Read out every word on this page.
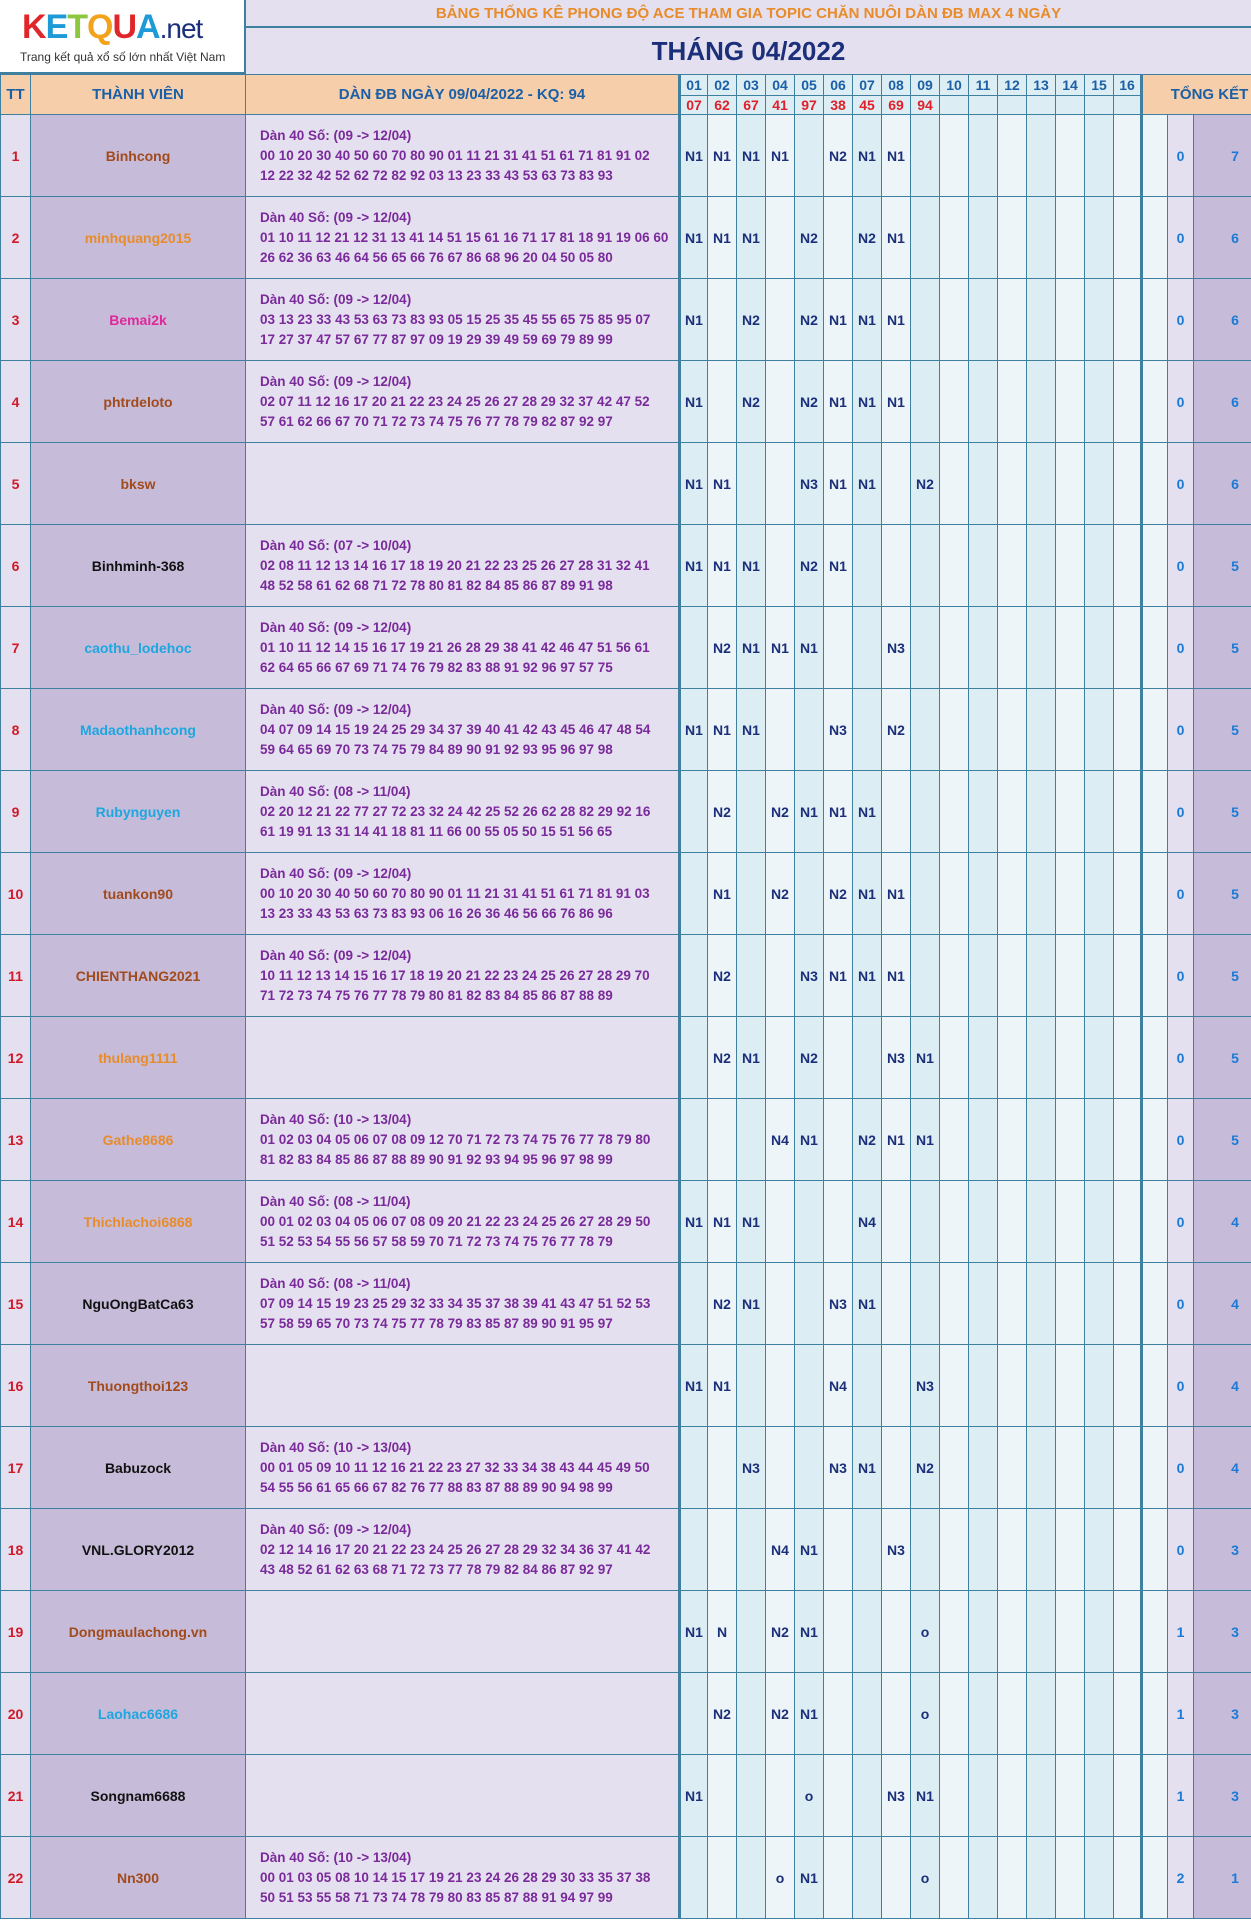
KETQUA.net
Trang kết quả xổ số lớn nhất Việt Nam
BẢNG THỐNG KÊ PHONG ĐỘ ACE THAM GIA TOPIC CHĂN NUÔI DÀN ĐB MAX 4 NGÀY
THÁNG 04/2022
TT	THÀNH VIÊN	DÀN ĐB NGÀY 09/04/2022 - KQ: 94	01	02	03	04	05	06	07	08	09	10	11	12	13	14	15	16	TỔNG KẾT		
			07	62	67	41	97	38	45	69	94										
1	Binhcong	Dàn 40 Số: (09 -> 12/04)
00 10 20 30 40 50 60 70 80 90 01 11 21 31 41 51 61 71 81 91 02
12 22 32 42 52 62 72 82 92 03 13 23 33 43 53 63 73 83 93	N1	N1	N1	N1		N2	N1	N1										0	7
2	minhquang2015	Dàn 40 Số: (09 -> 12/04)
01 10 11 12 21 12 31 13 41 14 51 15 61 16 71 17 81 18 91 19 06 60
26 62 36 63 46 64 56 65 66 76 67 86 68 96 20 04 50 05 80	N1	N1	N1		N2		N2	N1										0	6
3	Bemai2k	Dàn 40 Số: (09 -> 12/04)
03 13 23 33 43 53 63 73 83 93 05 15 25 35 45 55 65 75 85 95 07
17 27 37 47 57 67 77 87 97 09 19 29 39 49 59 69 79 89 99	N1		N2		N2	N1	N1	N1										0	6
4	phtrdeloto	Dàn 40 Số: (09 -> 12/04)
02 07 11 12 16 17 20 21 22 23 24 25 26 27 28 29 32 37 42 47 52
57 61 62 66 67 70 71 72 73 74 75 76 77 78 79 82 87 92 97	N1		N2		N2	N1	N1	N1										0	6
5	bksw		N1	N1			N3	N1	N1		N2									0	6
6	Binhminh-368	Dàn 40 Số: (07 -> 10/04)
02 08 11 12 13 14 16 17 18 19 20 21 22 23 25 26 27 28 31 32 41
48 52 58 61 62 68 71 72 78 80 81 82 84 85 86 87 89 91 98	N1	N1	N1		N2	N1												0	5
7	caothu_lodehoc	Dàn 40 Số: (09 -> 12/04)
01 10 11 12 14 15 16 17 19 21 26 28 29 38 41 42 46 47 51 56 61
62 64 65 66 67 69 71 74 76 79 82 83 88 91 92 96 97 57 75		N2	N1	N1	N1			N3										0	5
8	Madaothanhcong	Dàn 40 Số: (09 -> 12/04)
04 07 09 14 15 19 24 25 29 34 37 39 40 41 42 43 45 46 47 48 54
59 64 65 69 70 73 74 75 79 84 89 90 91 92 93 95 96 97 98	N1	N1	N1			N3		N2										0	5
9	Rubynguyen	Dàn 40 Số: (08 -> 11/04)
02 20 12 21 22 77 27 72 23 32 24 42 25 52 26 62 28 82 29 92 16
61 19 91 13 31 14 41 18 81 11 66 00 55 05 50 15 51 56 65		N2		N2	N1	N1	N1											0	5
10	tuankon90	Dàn 40 Số: (09 -> 12/04)
00 10 20 30 40 50 60 70 80 90 01 11 21 31 41 51 61 71 81 91 03
13 23 33 43 53 63 73 83 93 06 16 26 36 46 56 66 76 86 96		N1		N2		N2	N1	N1										0	5
11	CHIENTHANG2021	Dàn 40 Số: (09 -> 12/04)
10 11 12 13 14 15 16 17 18 19 20 21 22 23 24 25 26 27 28 29 70
71 72 73 74 75 76 77 78 79 80 81 82 83 84 85 86 87 88 89		N2			N3	N1	N1	N1										0	5
12	thulang1111			N2	N1		N2			N3	N1									0	5
13	Gathe8686	Dàn 40 Số: (10 -> 13/04)
01 02 03 04 05 06 07 08 09 12 70 71 72 73 74 75 76 77 78 79 80
81 82 83 84 85 86 87 88 89 90 91 92 93 94 95 96 97 98 99				N4	N1		N2	N1	N1									0	5
14	Thichlachoi6868	Dàn 40 Số: (08 -> 11/04)
00 01 02 03 04 05 06 07 08 09 20 21 22 23 24 25 26 27 28 29 50
51 52 53 54 55 56 57 58 59 70 71 72 73 74 75 76 77 78 79	N1	N1	N1				N4											0	4
15	NguOngBatCa63	Dàn 40 Số: (08 -> 11/04)
07 09 14 15 19 23 25 29 32 33 34 35 37 38 39 41 43 47 51 52 53
57 58 59 65 70 73 74 75 77 78 79 83 85 87 89 90 91 95 97		N2	N1			N3	N1											0	4
16	Thuongthoi123		N1	N1				N4			N3									0	4
17	Babuzock	Dàn 40 Số: (10 -> 13/04)
00 01 05 09 10 11 12 16 21 22 23 27 32 33 34 38 43 44 45 49 50
54 55 56 61 65 66 67 82 76 77 88 83 87 88 89 90 94 98 99			N3			N3	N1		N2									0	4
18	VNL.GLORY2012	Dàn 40 Số: (09 -> 12/04)
02 12 14 16 17 20 21 22 23 24 25 26 27 28 29 32 34 36 37 41 42
43 48 52 61 62 63 68 71 72 73 77 78 79 82 84 86 87 92 97				N4	N1			N3										0	3
19	Dongmaulachong.vn		N1	N		N2	N1				o									1	3
20	Laohac6686			N2		N2	N1				o									1	3
21	Songnam6688		N1				o			N3	N1									1	3
22	Nn300	Dàn 40 Số: (10 -> 13/04)
00 01 03 05 08 10 14 15 17 19 21 23 24 26 28 29 30 33 35 37 38
50 51 53 55 58 71 73 74 78 79 80 83 85 87 88 91 94 97 99				o	N1				o									2	1
